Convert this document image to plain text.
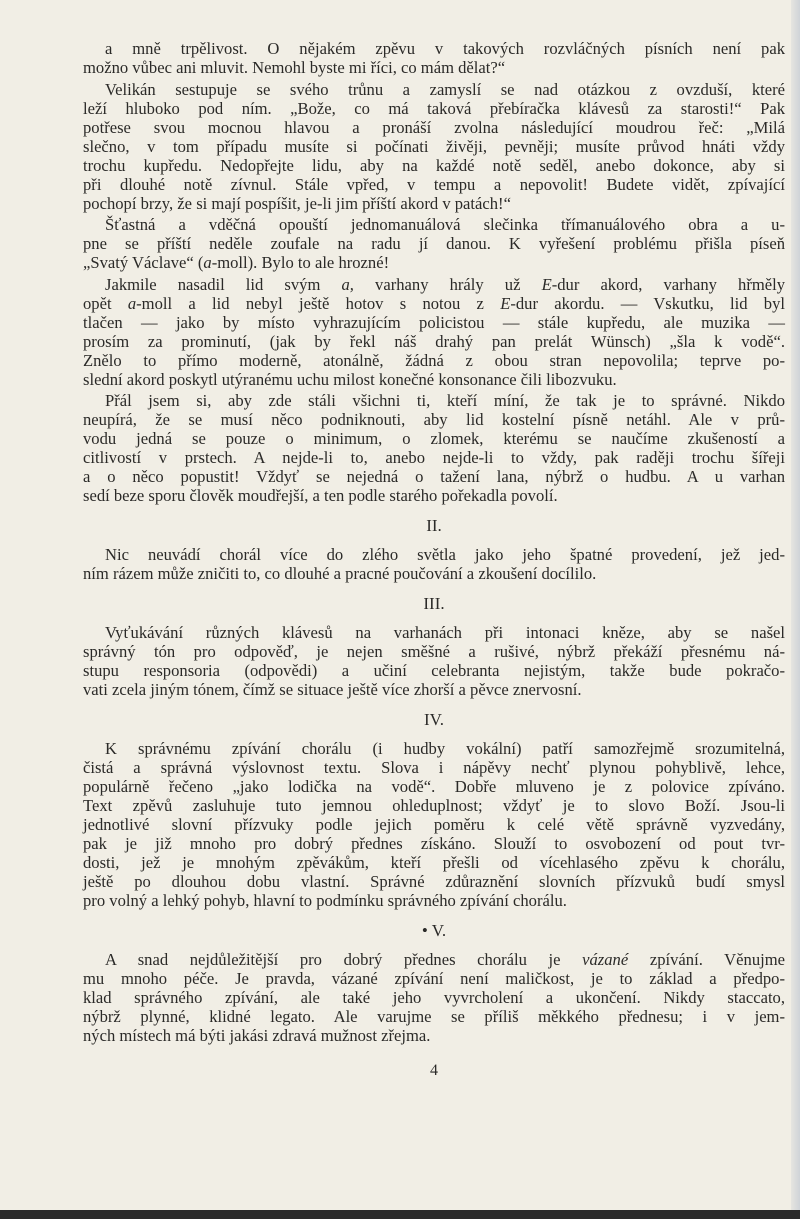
a mně trpělivost. O nějakém zpěvu v takových rozvláčných písních není pak
možno vůbec ani mluvit. Nemohl byste mi říci, co mám dělat?“
Velikán sestupuje se svého trůnu a zamyslí se nad otázkou z ovzduší, které
leží hluboko pod ním. „Bože, co má taková přebíračka klávesů za starosti!“ Pak
potřese svou mocnou hlavou a pronáší zvolna následující moudrou řeč: „Milá
slečno, v tom případu musíte si počínati živěji, pevněji; musíte průvod hnáti vždy
trochu kupředu. Nedopřejte lidu, aby na každé notě seděl, anebo dokonce, aby si
při dlouhé notě zívnul. Stále vpřed, v tempu a nepovolit! Budete vidět, zpívající
pochopí brzy, že si mají pospíšit, je-li jim příští akord v patách!“
Šťastná a vděčná opouští jednomanuálová slečinka třímanuálového obra a u-
pne se příští neděle zoufale na radu jí danou. K vyřešení problému přišla píseň
„Svatý Václave“ (a-moll). Bylo to ale hrozné!
Jakmile nasadil lid svým a, varhany hrály už E-dur akord, varhany hřměly
opět a-moll a lid nebyl ještě hotov s notou z E-dur akordu. — Vskutku, lid byl
tlačen — jako by místo vyhrazujícím policistou — stále kupředu, ale muzika —
prosím za prominutí, (jak by řekl náš drahý pan prelát Wünsch) „šla k vodě“.
Znělo to přímo moderně, atonálně, žádná z obou stran nepovolila; teprve po-
slední akord poskytl utýranému uchu milost konečné konsonance čili libozvuku.
Přál jsem si, aby zde stáli všichni ti, kteří míní, že tak je to správné. Nikdo
neupírá, že se musí něco podniknouti, aby lid kostelní písně netáhl. Ale v prů-
vodu jedná se pouze o minimum, o zlomek, kterému se naučíme zkušeností a
citlivostí v prstech. A nejde-li to, anebo nejde-li to vždy, pak raději trochu šířeji
a o něco popustit! Vždyť se nejedná o tažení lana, nýbrž o hudbu. A u varhan
sedí beze sporu člověk moudřejší, a ten podle starého pořekadla povolí.
II.
Nic neuvádí chorál více do zlého světla jako jeho špatné provedení, jež jed-
ním rázem může zničiti to, co dlouhé a pracné poučování a zkoušení docílilo.
III.
Vyťukávání různých klávesů na varhanách při intonaci kněze, aby se našel
správný tón pro odpověď, je nejen směšné a rušivé, nýbrž překáží přesnému ná-
stupu responsoria (odpovědi) a učiní celebranta nejistým, takže bude pokračo-
vati zcela jiným tónem, čímž se situace ještě více zhorší a pěvce znervosní.
IV.
K správnému zpívání chorálu (i hudby vokální) patří samozřejmě srozumitelná,
čistá a správná výslovnost textu. Slova i nápěvy nechť plynou pohyblivě, lehce,
populárně řečeno „jako lodička na vodě“. Dobře mluveno je z polovice zpíváno.
Text zpěvů zasluhuje tuto jemnou ohleduplnost; vždyť je to slovo Boží. Jsou-li
jednotlivé slovní přízvuky podle jejich poměru k celé větě správně vyzvedány,
pak je již mnoho pro dobrý přednes získáno. Slouží to osvobození od pout tvr-
dosti, jež je mnohým zpěvákům, kteří přešli od vícehlasého zpěvu k chorálu,
ještě po dlouhou dobu vlastní. Správné zdůraznění slovních přízvuků budí smysl
pro volný a lehký pohyb, hlavní to podmínku správného zpívání chorálu.
• V.
A snad nejdůležitější pro dobrý přednes chorálu je vázané zpívání. Věnujme
mu mnoho péče. Je pravda, vázané zpívání není maličkost, je to základ a předpo-
klad správného zpívání, ale také jeho vyvrcholení a ukončení. Nikdy staccato,
nýbrž plynné, klidné legato. Ale varujme se příliš měkkého přednesu; i v jem-
ných místech má býti jakási zdravá mužnost zřejma.
4
